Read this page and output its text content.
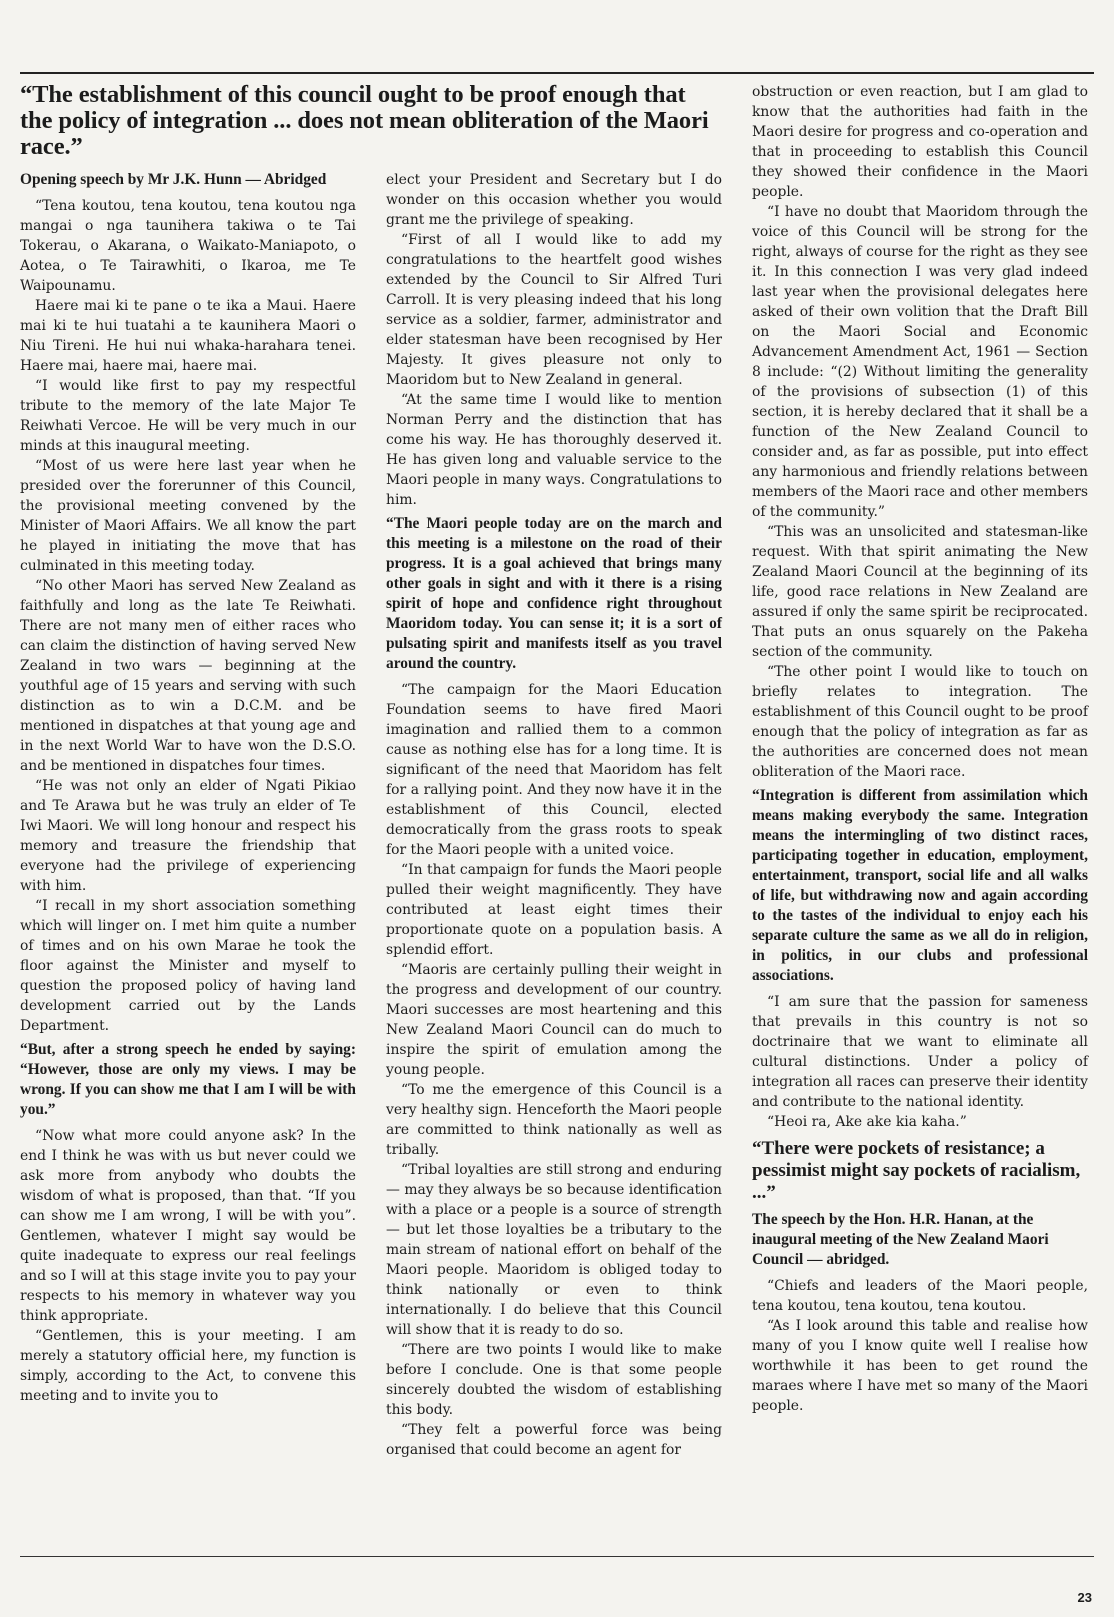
“The establishment of this council ought to be proof enough that the policy of integration ... does not mean obliteration of the Maori race.”

Opening speech by Mr J.K. Hunn — Abridged

“Tena koutou, tena koutou, tena koutou nga mangai o nga taunihera takiwa o te Tai Tokerau, o Akarana, o Waikato-Maniapoto, o Aotea, o Te Tairawhiti, o Ikaroa, me Te Waipounamu.

Haere mai ki te pane o te ika a Maui. Haere mai ki te hui tuatahi a te kaunihera Maori o Niu Tireni. He hui nui whaka-harahara tenei. Haere mai, haere mai, haere mai.

“I would like first to pay my respectful tribute to the memory of the late Major Te Reiwhati Vercoe. He will be very much in our minds at this inaugural meeting.

“Most of us were here last year when he presided over the forerunner of this Council, the provisional meeting convened by the Minister of Maori Affairs. We all know the part he played in initiating the move that has culminated in this meeting today.

“No other Maori has served New Zealand as faithfully and long as the late Te Reiwhati. There are not many men of either races who can claim the distinction of having served New Zealand in two wars — beginning at the youthful age of 15 years and serving with such distinction as to win a D.C.M. and be mentioned in dispatches at that young age and in the next World War to have won the D.S.O. and be mentioned in dispatches four times.

“He was not only an elder of Ngati Pikiao and Te Arawa but he was truly an elder of Te Iwi Maori. We will long honour and respect his memory and treasure the friendship that everyone had the privilege of experiencing with him.

“I recall in my short association something which will linger on. I met him quite a number of times and on his own Marae he took the floor against the Minister and myself to question the proposed policy of having land development carried out by the Lands Department.

“But, after a strong speech he ended by saying: “However, those are only my views. I may be wrong. If you can show me that I am I will be with you.”

“Now what more could anyone ask? In the end I think he was with us but never could we ask more from anybody who doubts the wisdom of what is proposed, than that. “If you can show me I am wrong, I will be with you”. Gentlemen, whatever I might say would be quite inadequate to express our real feelings and so I will at this stage invite you to pay your respects to his memory in whatever way you think appropriate.

“Gentlemen, this is your meeting. I am merely a statutory official here, my function is simply, according to the Act, to convene this meeting and to invite you to

elect your President and Secretary but I do wonder on this occasion whether you would grant me the privilege of speaking.

“First of all I would like to add my congratulations to the heartfelt good wishes extended by the Council to Sir Alfred Turi Carroll. It is very pleasing indeed that his long service as a soldier, farmer, administrator and elder statesman have been recognised by Her Majesty. It gives pleasure not only to Maoridom but to New Zealand in general.

“At the same time I would like to mention Norman Perry and the distinction that has come his way. He has thoroughly deserved it. He has given long and valuable service to the Maori people in many ways. Congratulations to him.

“The Maori people today are on the march and this meeting is a milestone on the road of their progress. It is a goal achieved that brings many other goals in sight and with it there is a rising spirit of hope and confidence right throughout Maoridom today. You can sense it; it is a sort of pulsating spirit and manifests itself as you travel around the country.

“The campaign for the Maori Education Foundation seems to have fired Maori imagination and rallied them to a common cause as nothing else has for a long time. It is significant of the need that Maoridom has felt for a rallying point. And they now have it in the establishment of this Council, elected democratically from the grass roots to speak for the Maori people with a united voice.

“In that campaign for funds the Maori people pulled their weight magnificently. They have contributed at least eight times their proportionate quote on a population basis. A splendid effort.

“Maoris are certainly pulling their weight in the progress and development of our country. Maori successes are most heartening and this New Zealand Maori Council can do much to inspire the spirit of emulation among the young people.

“To me the emergence of this Council is a very healthy sign. Henceforth the Maori people are committed to think nationally as well as tribally.

“Tribal loyalties are still strong and enduring — may they always be so because identification with a place or a people is a source of strength — but let those loyalties be a tributary to the main stream of national effort on behalf of the Maori people. Maoridom is obliged today to think nationally or even to think internationally. I do believe that this Council will show that it is ready to do so.

“There are two points I would like to make before I conclude. One is that some people sincerely doubted the wisdom of establishing this body.

“They felt a powerful force was being organised that could become an agent for

obstruction or even reaction, but I am glad to know that the authorities had faith in the Maori desire for progress and co-operation and that in proceeding to establish this Council they showed their confidence in the Maori people.

“I have no doubt that Maoridom through the voice of this Council will be strong for the right, always of course for the right as they see it. In this connection I was very glad indeed last year when the provisional delegates here asked of their own volition that the Draft Bill on the Maori Social and Economic Advancement Amendment Act, 1961 — Section 8 include: “(2) Without limiting the generality of the provisions of subsection (1) of this section, it is hereby declared that it shall be a function of the New Zealand Council to consider and, as far as possible, put into effect any harmonious and friendly relations between members of the Maori race and other members of the community.”

“This was an unsolicited and statesman-like request. With that spirit animating the New Zealand Maori Council at the beginning of its life, good race relations in New Zealand are assured if only the same spirit be reciprocated. That puts an onus squarely on the Pakeha section of the community.

“The other point I would like to touch on briefly relates to integration. The establishment of this Council ought to be proof enough that the policy of integration as far as the authorities are concerned does not mean obliteration of the Maori race.

“Integration is different from assimilation which means making everybody the same. Integration means the intermingling of two distinct races, participating together in education, employment, entertainment, transport, social life and all walks of life, but withdrawing now and again according to the tastes of the individual to enjoy each his separate culture the same as we all do in religion, in politics, in our clubs and professional associations.

“I am sure that the passion for sameness that prevails in this country is not so doctrinaire that we want to eliminate all cultural distinctions. Under a policy of integration all races can preserve their identity and contribute to the national identity.

“Heoi ra, Ake ake kia kaha.”

“There were pockets of resistance; a pessimist might say pockets of racialism, ...”

The speech by the Hon. H.R. Hanan, at the inaugural meeting of the New Zealand Maori Council — abridged.

“Chiefs and leaders of the Maori people, tena koutou, tena koutou, tena koutou.

“As I look around this table and realise how many of you I know quite well I realise how worthwhile it has been to get round the maraes where I have met so many of the Maori people.

23
